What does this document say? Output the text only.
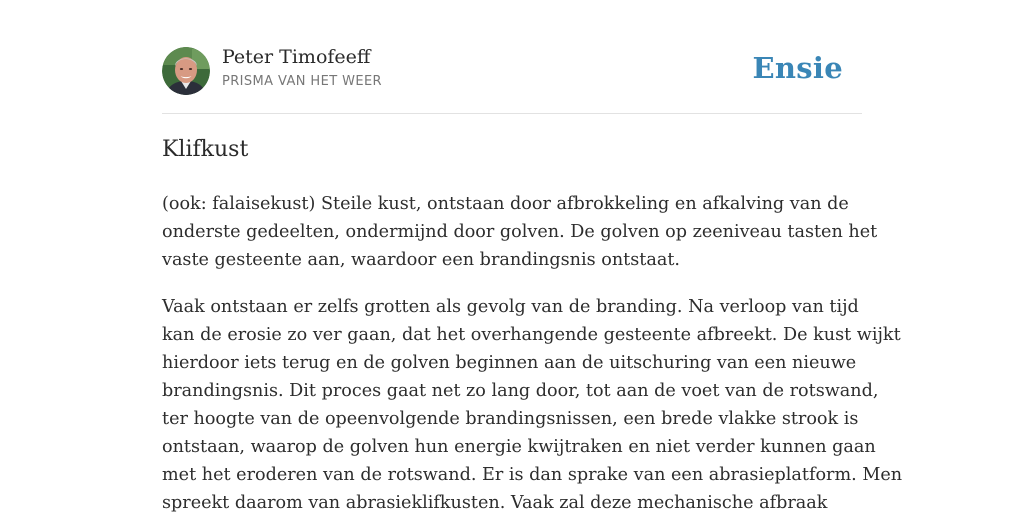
Peter Timofeeff
PRISMA VAN HET WEER	Ensie
Klifkust

(ook: falaisekust) Steile kust, ontstaan door afbrokkeling en afkalving van de
onderste gedeelten, ondermijnd door golven. De golven op zeeniveau tasten het
vaste gesteente aan, waardoor een brandingsnis ontstaat.

Vaak ontstaan er zelfs grotten als gevolg van de branding. Na verloop van tijd
kan de erosie zo ver gaan, dat het overhangende gesteente afbreekt. De kust wijkt
hierdoor iets terug en de golven beginnen aan de uitschuring van een nieuwe
brandingsnis. Dit proces gaat net zo lang door, tot aan de voet van de rotswand,
ter hoogte van de opeenvolgende brandingsnissen, een brede vlakke strook is
ontstaan, waarop de golven hun energie kwijtraken en niet verder kunnen gaan
met het eroderen van de rotswand. Er is dan sprake van een abrasieplatform. Men
spreekt daarom van abrasieklifkusten. Vaak zal deze mechanische afbraak
